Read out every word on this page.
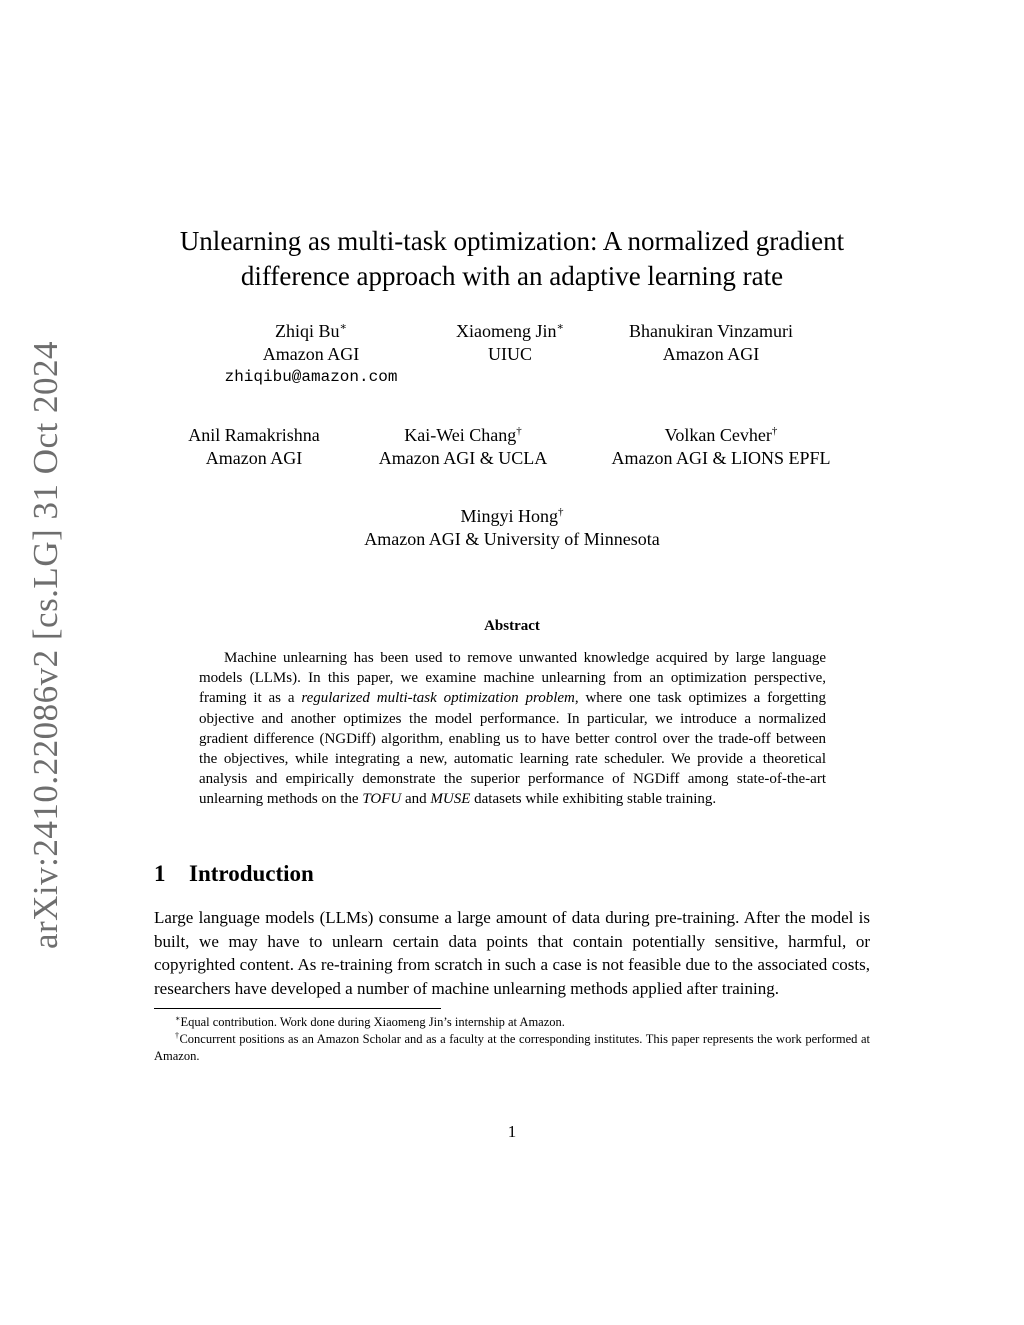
arXiv:2410.22086v2 [cs.LG] 31 Oct 2024
Unlearning as multi-task optimization: A normalized gradient
difference approach with an adaptive learning rate
Zhiqi Bu∗
Amazon AGI
zhiqibu@amazon.com
Xiaomeng Jin∗
UIUC
Bhanukiran Vinzamuri
Amazon AGI
Anil Ramakrishna
Amazon AGI
Kai-Wei Chang†
Amazon AGI & UCLA
Volkan Cevher†
Amazon AGI & LIONS EPFL
Mingyi Hong†
Amazon AGI & University of Minnesota
Abstract
Machine unlearning has been used to remove unwanted knowledge acquired by large language models (LLMs). In this paper, we examine machine unlearning from an optimization perspective, framing it as a regularized multi-task optimization problem, where one task optimizes a forgetting objective and another optimizes the model performance. In particular, we introduce a normalized gradient difference (NGDiff) algorithm, enabling us to have better control over the trade-off between the objectives, while integrating a new, automatic learning rate scheduler. We provide a theoretical analysis and empirically demonstrate the superior performance of NGDiff among state-of-the-art unlearning methods on the TOFU and MUSE datasets while exhibiting stable training.
1 Introduction
Large language models (LLMs) consume a large amount of data during pre-training. After the model is built, we may have to unlearn certain data points that contain potentially sensitive, harmful, or copyrighted content. As re-training from scratch in such a case is not feasible due to the associated costs, researchers have developed a number of machine unlearning methods applied after training.
∗Equal contribution. Work done during Xiaomeng Jin’s internship at Amazon.
†Concurrent positions as an Amazon Scholar and as a faculty at the corresponding institutes. This paper represents the work performed at Amazon.
1
